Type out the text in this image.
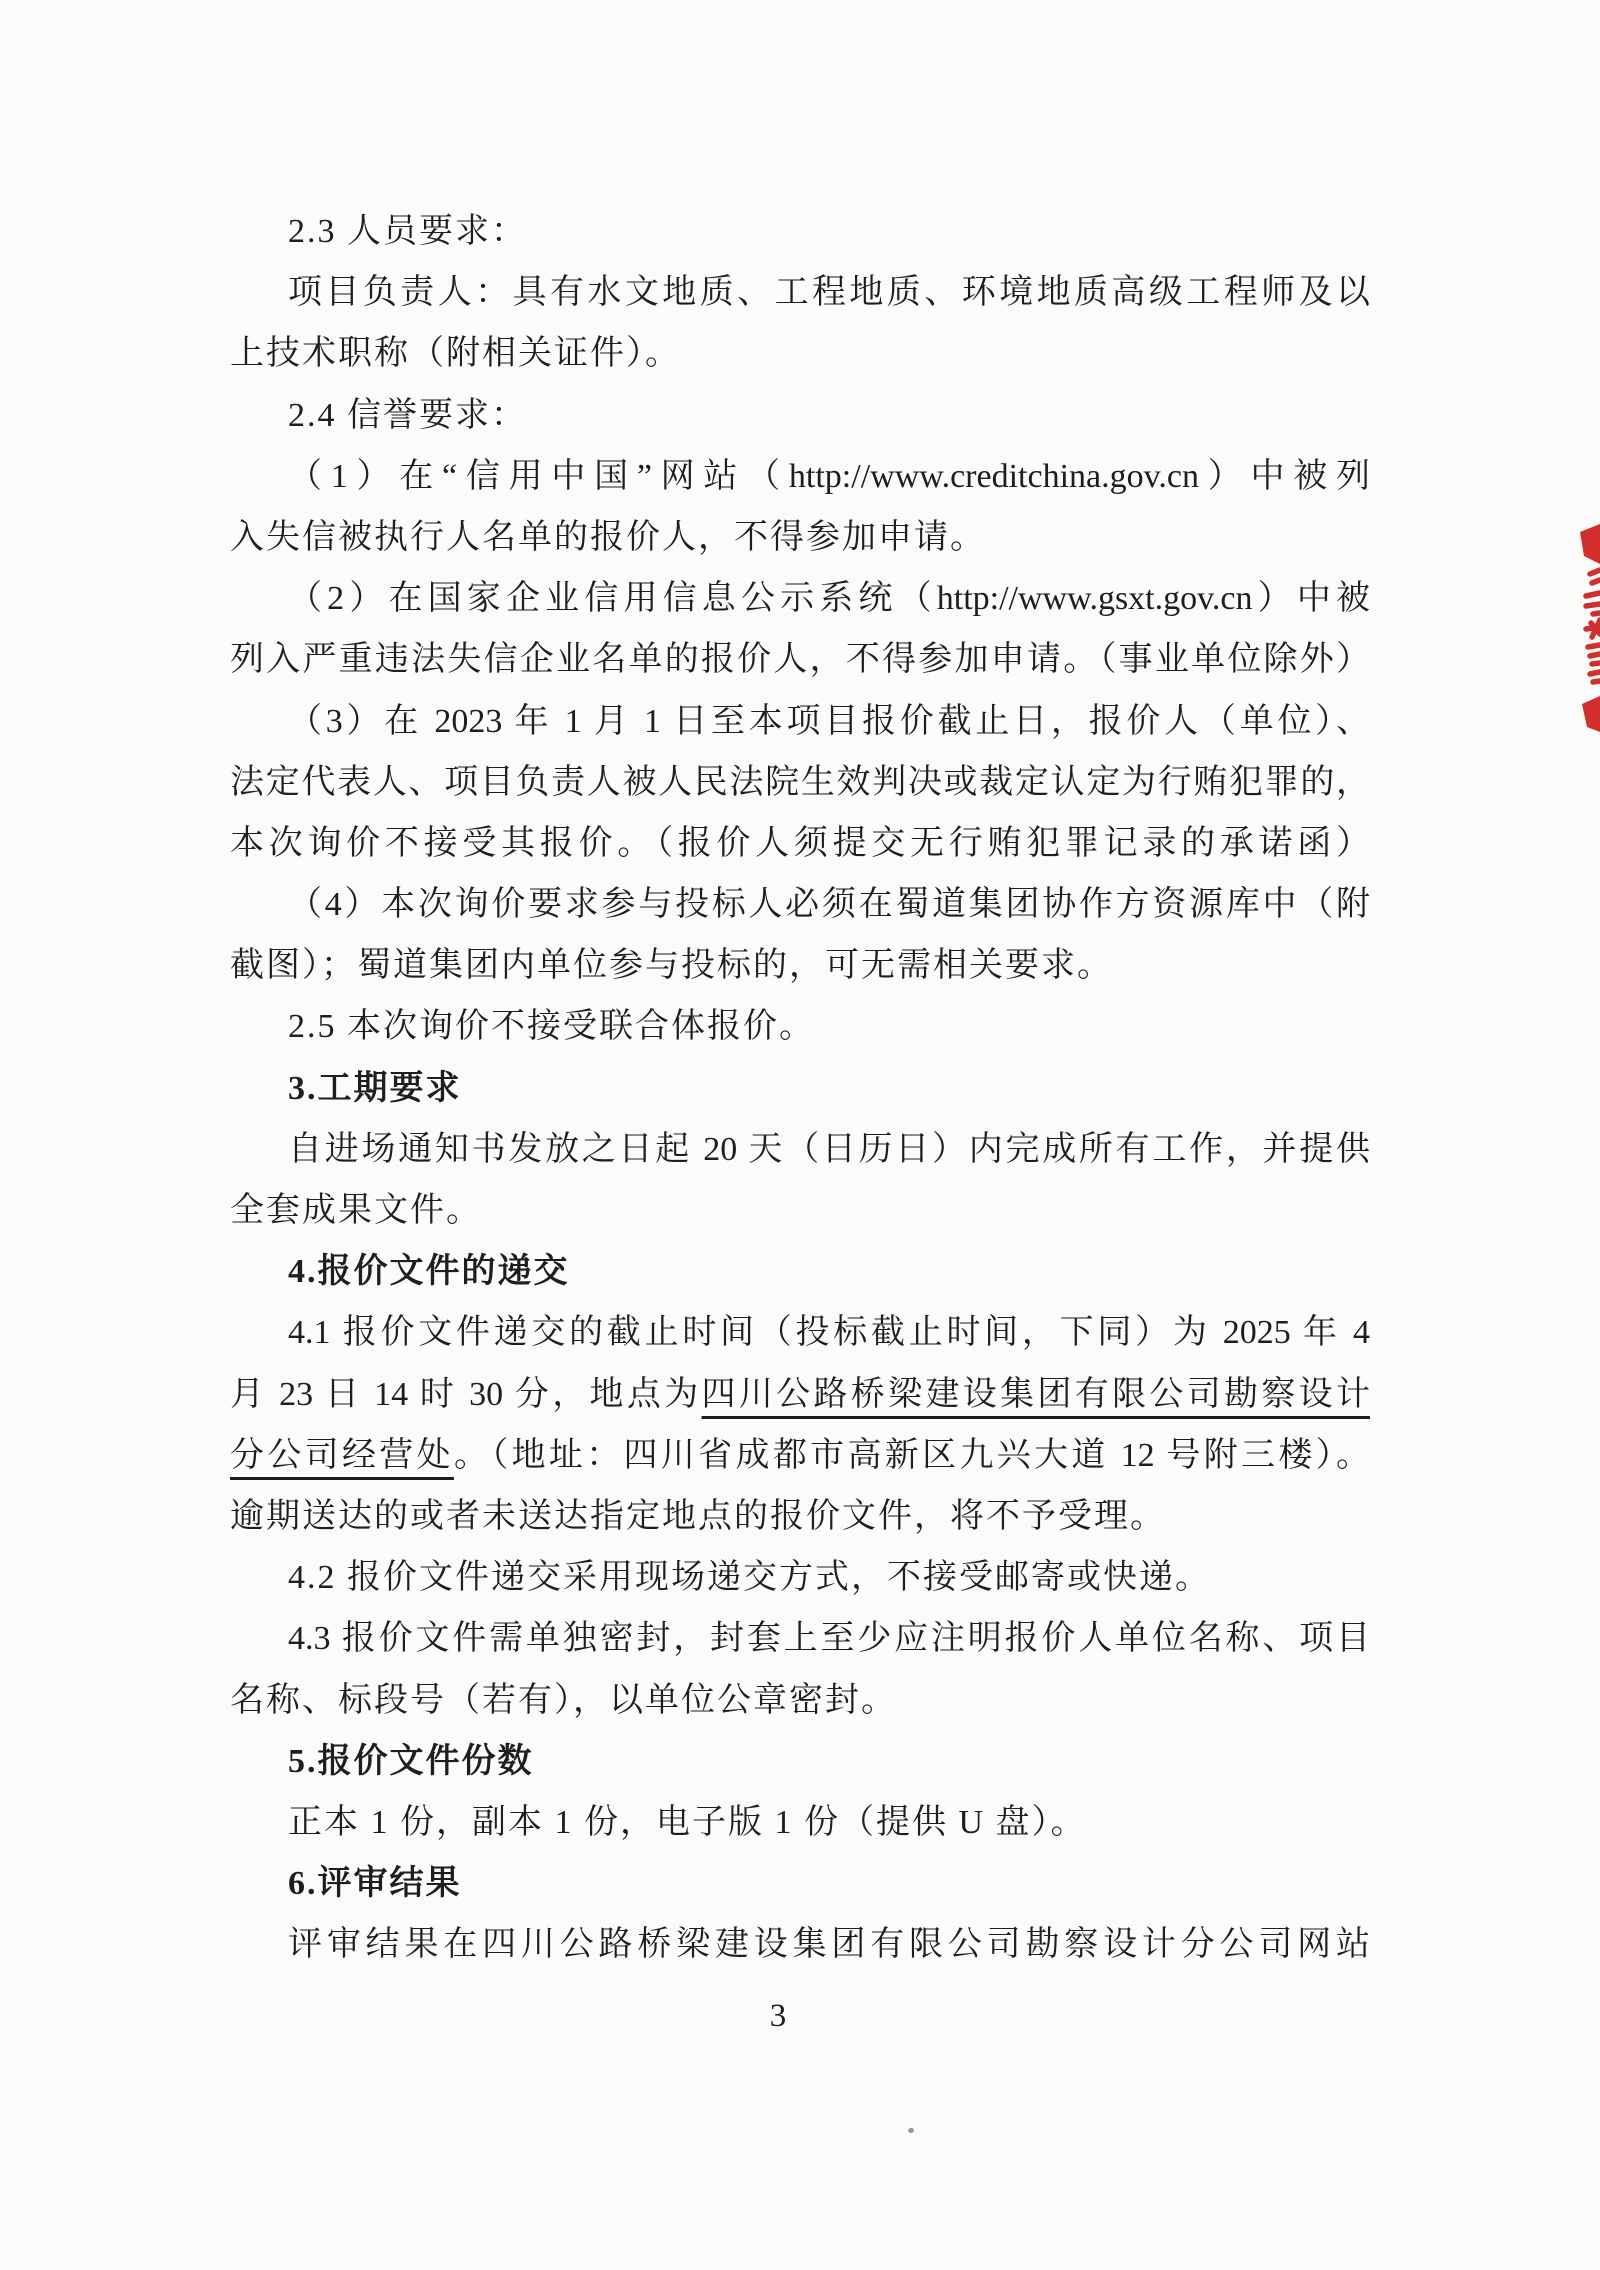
2.3 人员要求：
项目负责人：具有水文地质、工程地质、环境地质高级工程师及以
上技术职称（附相关证件）。
2.4 信誉要求：
（1）在“信用中国”网站（http://www.creditchina.gov.cn）中被列
入失信被执行人名单的报价人，不得参加申请。
（2）在国家企业信用信息公示系统（http://www.gsxt.gov.cn）中被
列入严重违法失信企业名单的报价人，不得参加申请。（事业单位除外）
（3）在 2023 年 1 月 1 日至本项目报价截止日，报价人（单位）、
法定代表人、项目负责人被人民法院生效判决或裁定认定为行贿犯罪的，
本次询价不接受其报价。（报价人须提交无行贿犯罪记录的承诺函）
（4）本次询价要求参与投标人必须在蜀道集团协作方资源库中（附
截图）；蜀道集团内单位参与投标的，可无需相关要求。
2.5 本次询价不接受联合体报价。
3.工期要求
自进场通知书发放之日起 20 天（日历日）内完成所有工作，并提供
全套成果文件。
4.报价文件的递交
4.1 报价文件递交的截止时间（投标截止时间，下同）为 2025 年 4
月 23 日 14 时 30 分，地点为四川公路桥梁建设集团有限公司勘察设计
分公司经营处。（地址：四川省成都市高新区九兴大道 12 号附三楼）。
逾期送达的或者未送达指定地点的报价文件，将不予受理。
4.2 报价文件递交采用现场递交方式，不接受邮寄或快递。
4.3 报价文件需单独密封，封套上至少应注明报价人单位名称、项目
名称、标段号（若有），以单位公章密封。
5.报价文件份数
正本 1 份，副本 1 份，电子版 1 份（提供 U 盘）。
6.评审结果
评审结果在四川公路桥梁建设集团有限公司勘察设计分公司网站
3
